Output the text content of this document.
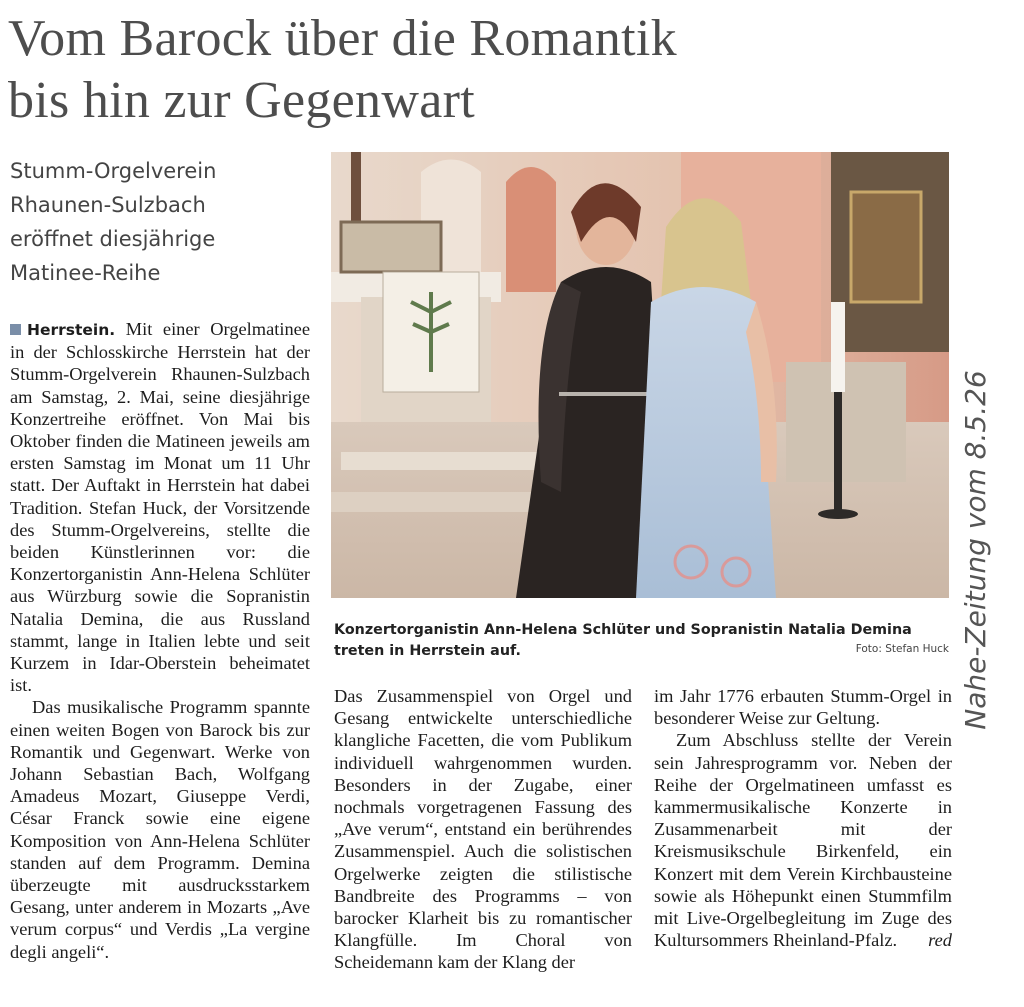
Vom Barock über die Romantik
bis hin zur Gegenwart
Stumm-Orgelverein
Rhaunen-Sulzbach
eröffnet diesjährige
Matinee-Reihe
Konzertorganistin Ann-Helena Schlüter und Sopranistin Natalia Demina treten in Herrstein auf.	Foto: Stefan Huck

Herrstein. Mit einer Orgelmatinee in der Schlosskirche Herrstein hat der Stumm-Orgelverein Rhaunen-Sulzbach am Samstag, 2. Mai, seine diesjährige Konzertreihe eröffnet. Von Mai bis Oktober finden die Matineen jeweils am ersten Samstag im Monat um 11 Uhr statt. Der Auftakt in Herrstein hat dabei Tradition. Stefan Huck, der Vorsitzende des Stumm-Orgelvereins, stellte die beiden Künstlerinnen vor: die Konzertorganistin Ann-Helena Schlüter aus Würzburg sowie die Sopranistin Natalia Demina, die aus Russland stammt, lange in Italien lebte und seit Kurzem in Idar-Oberstein beheimatet ist.

Das musikalische Programm spannte einen weiten Bogen von Barock bis zur Romantik und Gegenwart. Werke von Johann Sebastian Bach, Wolfgang Amadeus Mozart, Giuseppe Verdi, César Franck sowie eine eigene Komposition von Ann-Helena Schlüter standen auf dem Programm. Demina überzeugte mit ausdrucksstarkem Gesang, unter anderem in Mozarts „Ave verum corpus“ und Verdis „La vergine degli angeli“.

Das Zusammenspiel von Orgel und Gesang entwickelte unterschiedliche klangliche Facetten, die vom Publikum individuell wahrgenommen wurden. Besonders in der Zugabe, einer nochmals vorgetragenen Fassung des „Ave verum“, entstand ein berührendes Zusammenspiel. Auch die solistischen Orgelwerke zeigten die stilistische Bandbreite des Programms – von barocker Klarheit bis zu romantischer Klangfülle. Im Choral von Scheidemann kam der Klang der

im Jahr 1776 erbauten Stumm-Orgel in besonderer Weise zur Geltung.

Zum Abschluss stellte der Verein sein Jahresprogramm vor. Neben der Reihe der Orgelmatineen umfasst es kammermusikalische Konzerte in Zusammenarbeit mit der Kreismusikschule Birkenfeld, ein Konzert mit dem Verein Kirchbausteine sowie als Höhepunkt einen Stummfilm mit Live-Orgelbegleitung im Zuge des Kultursommers Rheinland-Pfalz.	red

Nahe-Zeitung vom 8.5.26
